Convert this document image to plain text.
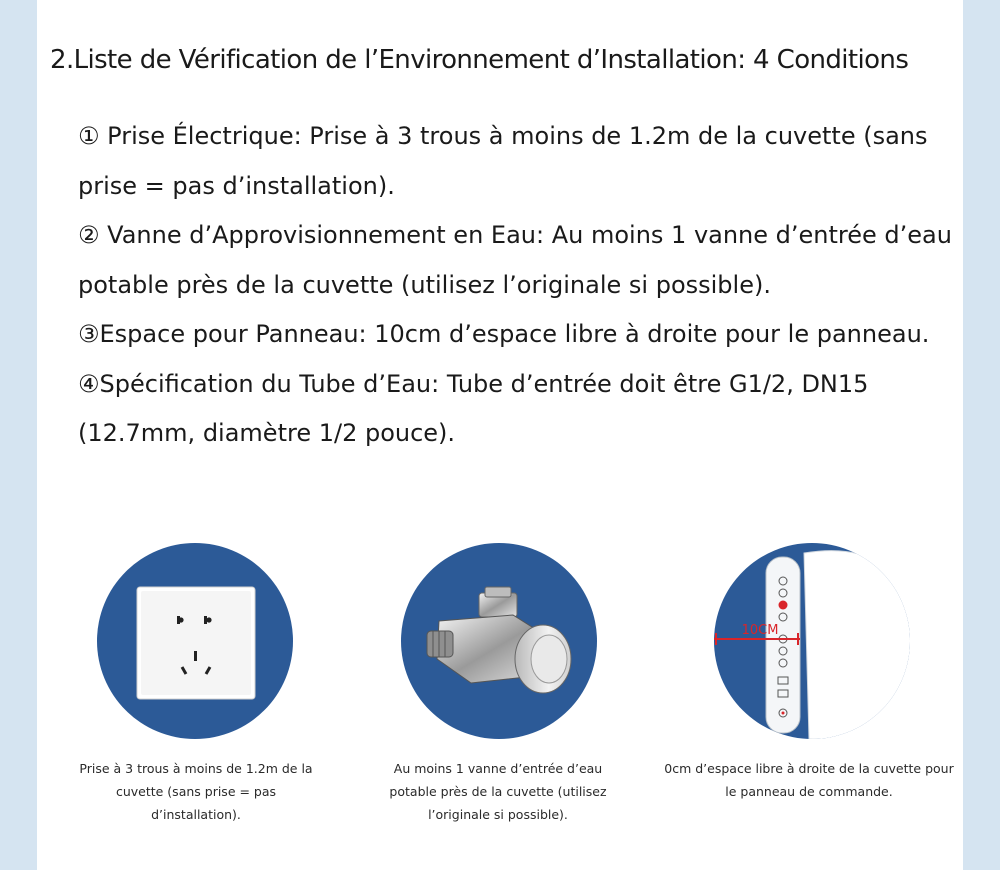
2.Liste de Vérification de l’Environnement d’Installation: 4 Conditions
① Prise Électrique: Prise à 3 trous à moins de 1.2m de la cuvette (sans prise = pas d’installation).
② Vanne d’Approvisionnement en Eau: Au moins 1 vanne d’entrée d’eau potable près de la cuvette (utilisez l’originale si possible).
③Espace pour Panneau: 10cm d’espace libre à droite pour le panneau.
④Spécification du Tube d’Eau: Tube d’entrée doit être G1/2, DN15 (12.7mm, diamètre 1/2 pouce).
Prise à 3 trous à moins de 1.2m de la cuvette (sans prise = pas d’installation).
Au moins 1 vanne d’entrée d’eau potable près de la cuvette (utilisez l’originale si possible).
10CM
0cm d’espace libre à droite de la cuvette pour le panneau de commande.
